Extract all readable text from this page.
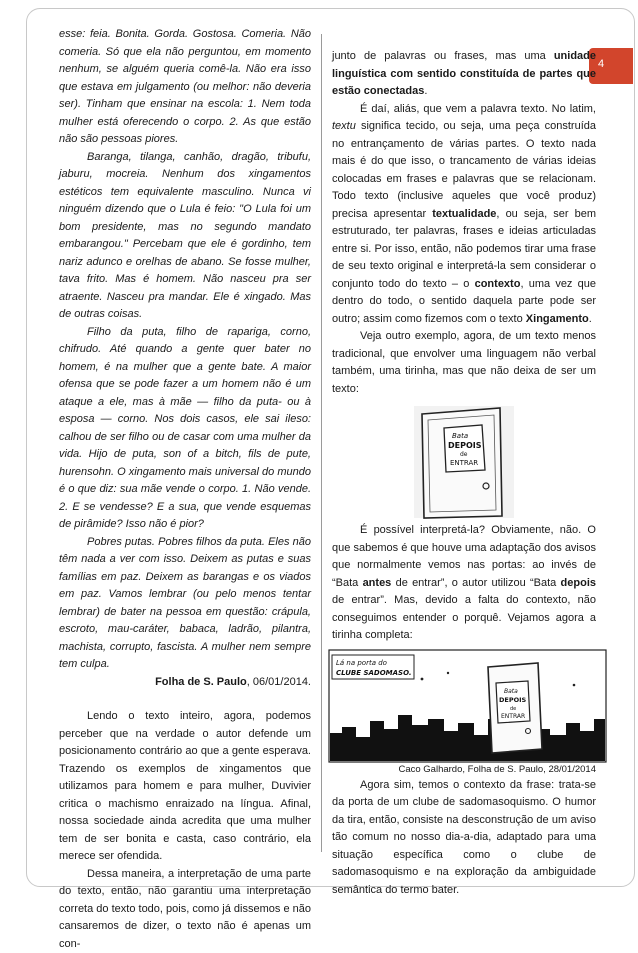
4

esse: feia. Bonita. Gorda. Gostosa. Comeria. Não comeria. Só que ela não perguntou, em momento nenhum, se alguém queria comê-la. Não era isso que estava em julgamento (ou melhor: não deveria ser). Tinham que ensinar na escola: 1. Nem toda mulher está oferecendo o corpo. 2. As que estão não são pessoas piores.

Baranga, tilanga, canhão, dragão, tribufu, jaburu, mocreia. Nenhum dos xingamentos estéticos tem equivalente masculino. Nunca vi ninguém dizendo que o Lula é feio: "O Lula foi um bom presidente, mas no segundo mandato embarangou." Percebam que ele é gordinho, tem nariz adunco e orelhas de abano. Se fosse mulher, tava frito. Mas é homem. Não nasceu pra ser atraente. Nasceu pra mandar. Ele é xingado. Mas de outras coisas.

Filho da puta, filho de rapariga, corno, chifrudo. Até quando a gente quer bater no homem, é na mulher que a gente bate. A maior ofensa que se pode fazer a um homem não é um ataque a ele, mas à mãe — filho da puta- ou à esposa — corno. Nos dois casos, ele sai ileso: calhou de ser filho ou de casar com uma mulher da vida. Hijo de puta, son of a bitch, fils de pute, hurensohn. O xingamento mais universal do mundo é o que diz: sua mãe vende o corpo. 1. Não vende. 2. E se vendesse? E a sua, que vende esquemas de pirâmide? Isso não é pior?

Pobres putas. Pobres filhos da puta. Eles não têm nada a ver com isso. Deixem as putas e suas famílias em paz. Deixem as barangas e os viados em paz. Vamos lembrar (ou pelo menos tentar lembrar) de bater na pessoa em questão: crápula, escroto, mau-caráter, babaca, ladrão, pilantra, machista, corrupto, fascista. A mulher nem sempre tem culpa.

Folha de S. Paulo, 06/01/2014.

Lendo o texto inteiro, agora, podemos perceber que na verdade o autor defende um posicionamento contrário ao que a gente esperava. Trazendo os exemplos de xingamentos que utilizamos para homem e para mulher, Duvivier critica o machismo enraizado na língua. Afinal, nossa sociedade ainda acredita que uma mulher tem de ser bonita e casta, caso contrário, ela merece ser ofendida.

Dessa maneira, a interpretação de uma parte do texto, então, não garantiu uma interpretação correta do texto todo, pois, como já dissemos e não cansaremos de dizer, o texto não é apenas um con-

junto de palavras ou frases, mas uma unidade linguística com sentido constituída de partes que estão conectadas.

É daí, aliás, que vem a palavra texto. No latim, textu significa tecido, ou seja, uma peça construída no entrançamento de várias partes. O texto nada mais é do que isso, o trancamento de várias ideias colocadas em frases e palavras que se relacionam. Todo texto (inclusive aqueles que você produz) precisa apresentar textualidade, ou seja, ser bem estruturado, ter palavras, frases e ideias articuladas entre si. Por isso, então, não podemos tirar uma frase de seu texto original e interpretá-la sem considerar o conjunto todo do texto – o contexto, uma vez que dentro do todo, o sentido daquela parte pode ser outro; assim como fizemos com o texto Xingamento.

Veja outro exemplo, agora, de um texto menos tradicional, que envolver uma linguagem não verbal também, uma tirinha, mas que não deixa de ser um texto:

Bata
DEPOIS
de
ENTRAR

É possível interpretá-la? Obviamente, não. O que sabemos é que houve uma adaptação dos avisos que normalmente vemos nas portas: ao invés de “Bata antes de entrar”, o autor utilizou “Bata depois de entrar”. Mas, devido a falta do contexto, não conseguimos entender o porquê. Vejamos agora a tirinha completa:

Lá na porta do
CLUBE SADOMASO.
Bata
DEPOIS
de
ENTRAR

Caco Galhardo, Folha de S. Paulo, 28/01/2014

Agora sim, temos o contexto da frase: trata-se da porta de um clube de sadomasoquismo. O humor da tira, então, consiste na desconstrução de um aviso tão comum no nosso dia-a-dia, adaptado para uma situação específica como o clube de sadomasoquismo e na exploração da ambiguidade semântica do termo bater.
